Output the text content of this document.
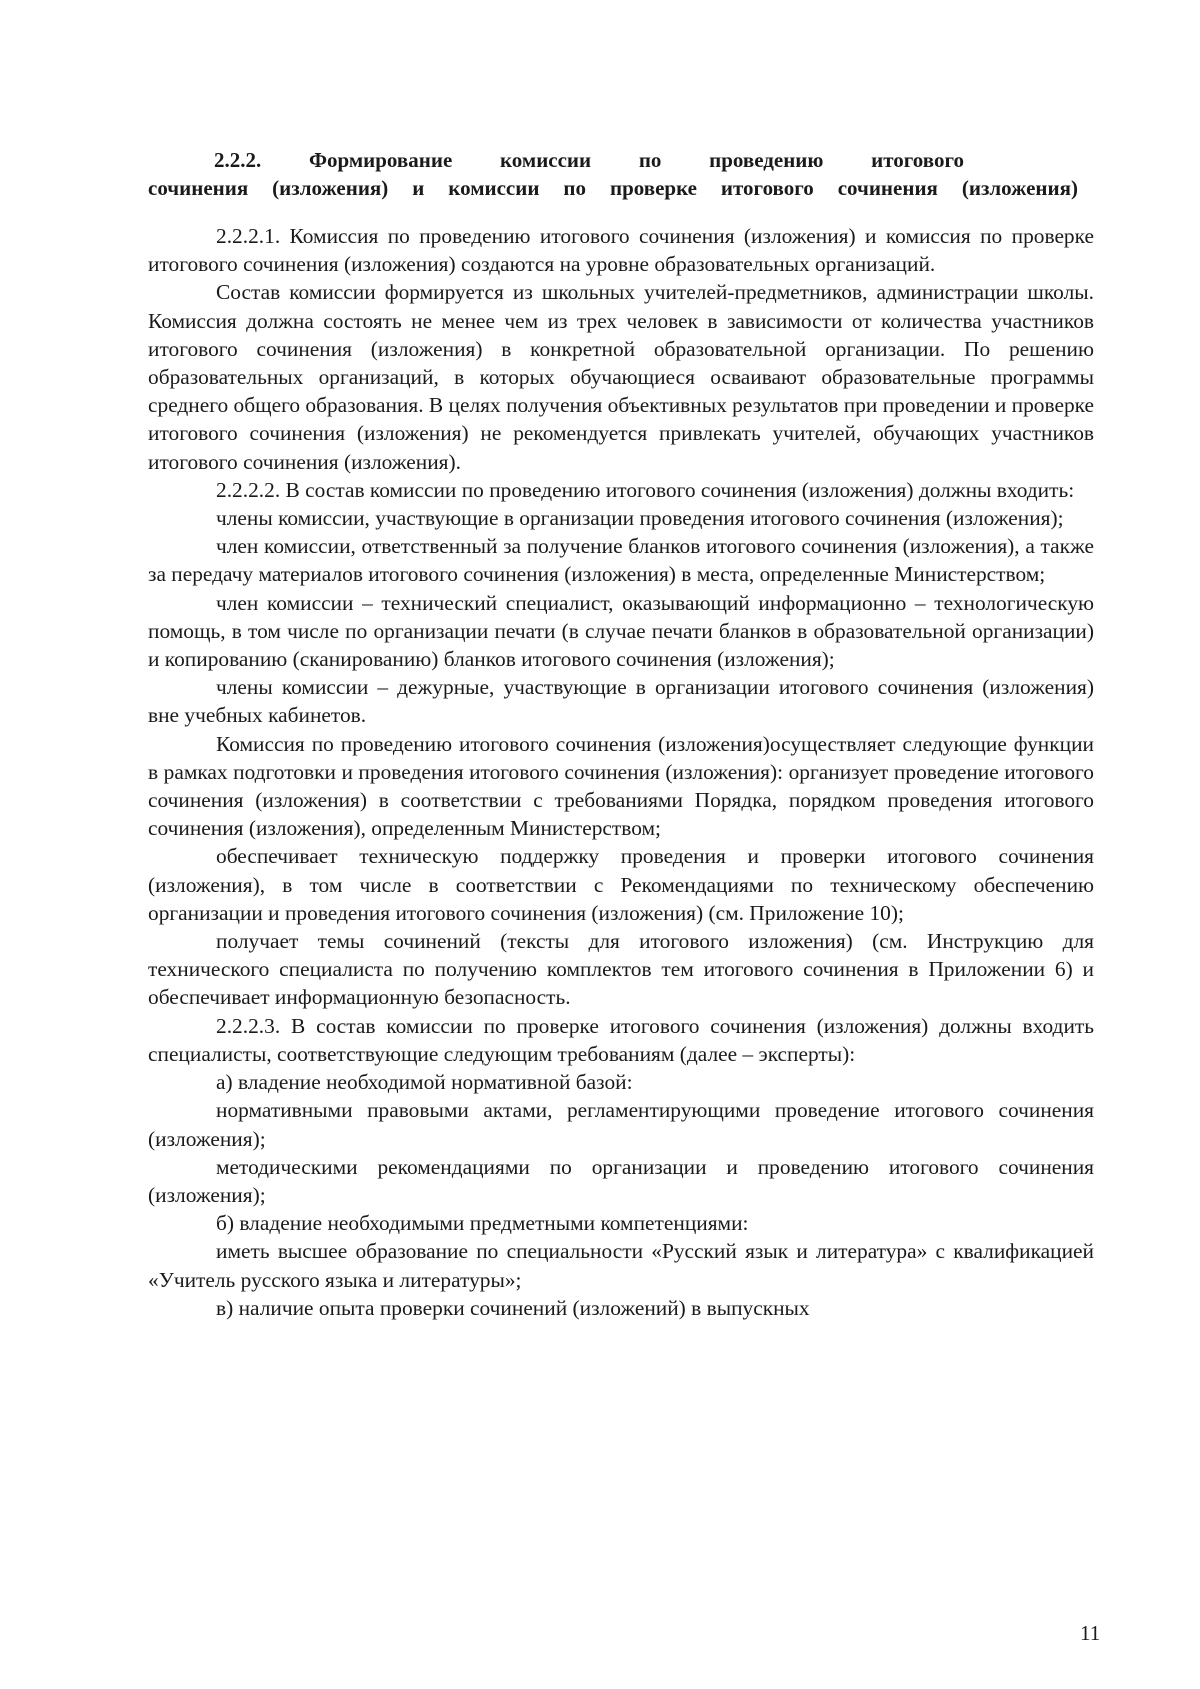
2.2.2. Формирование комиссии по проведению итогового
сочинения (изложения) и комиссии по проверке итогового сочинения (изложения)

2.2.2.1. Комиссия по проведению итогового сочинения (изложения) и комиссия по проверке итогового сочинения (изложения) создаются на уровне образовательных организаций.

Состав комиссии формируется из школьных учителей-предметников, администрации школы. Комиссия должна состоять не менее чем из трех человек в зависимости от количества участников итогового сочинения (изложения) в конкретной образовательной организации. По решению образовательных организаций, в которых обучающиеся осваивают образовательные программы среднего общего образования. В целях получения объективных результатов при проведении и проверке итогового сочинения (изложения) не рекомендуется привлекать учителей, обучающих участников итогового сочинения (изложения).

2.2.2.2. В состав комиссии по проведению итогового сочинения (изложения) должны входить:

члены комиссии, участвующие в организации проведения итогового сочинения (изложения);

член комиссии, ответственный за получение бланков итогового сочинения (изложения), а также за передачу материалов итогового сочинения (изложения) в места, определенные Министерством;

член комиссии – технический специалист, оказывающий информационно – технологическую помощь, в том числе по организации печати (в случае печати бланков в образовательной организации) и копированию (сканированию) бланков итогового сочинения (изложения);

члены комиссии – дежурные, участвующие в организации итогового сочинения (изложения) вне учебных кабинетов.

Комиссия по проведению итогового сочинения (изложения)осуществляет следующие функции в рамках подготовки и проведения итогового сочинения (изложения): организует проведение итогового сочинения (изложения) в соответствии с требованиями Порядка, порядком проведения итогового сочинения (изложения), определенным Министерством;

обеспечивает техническую поддержку проведения и проверки итогового сочинения (изложения), в том числе в соответствии с Рекомендациями по техническому обеспечению организации и проведения итогового сочинения (изложения) (см. Приложение 10);

получает темы сочинений (тексты для итогового изложения) (см. Инструкцию для технического специалиста по получению комплектов тем итогового сочинения в Приложении 6) и обеспечивает информационную безопасность.

2.2.2.3. В состав комиссии по проверке итогового сочинения (изложения) должны входить специалисты, соответствующие следующим требованиям (далее – эксперты):

а) владение необходимой нормативной базой:

нормативными правовыми актами, регламентирующими проведение итогового сочинения (изложения);

методическими рекомендациями по организации и проведению итогового сочинения (изложения);

б) владение необходимыми предметными компетенциями:

иметь высшее образование по специальности «Русский язык и литература» с квалификацией «Учитель русского языка и литературы»;

в) наличие опыта проверки сочинений (изложений) в выпускных

11
